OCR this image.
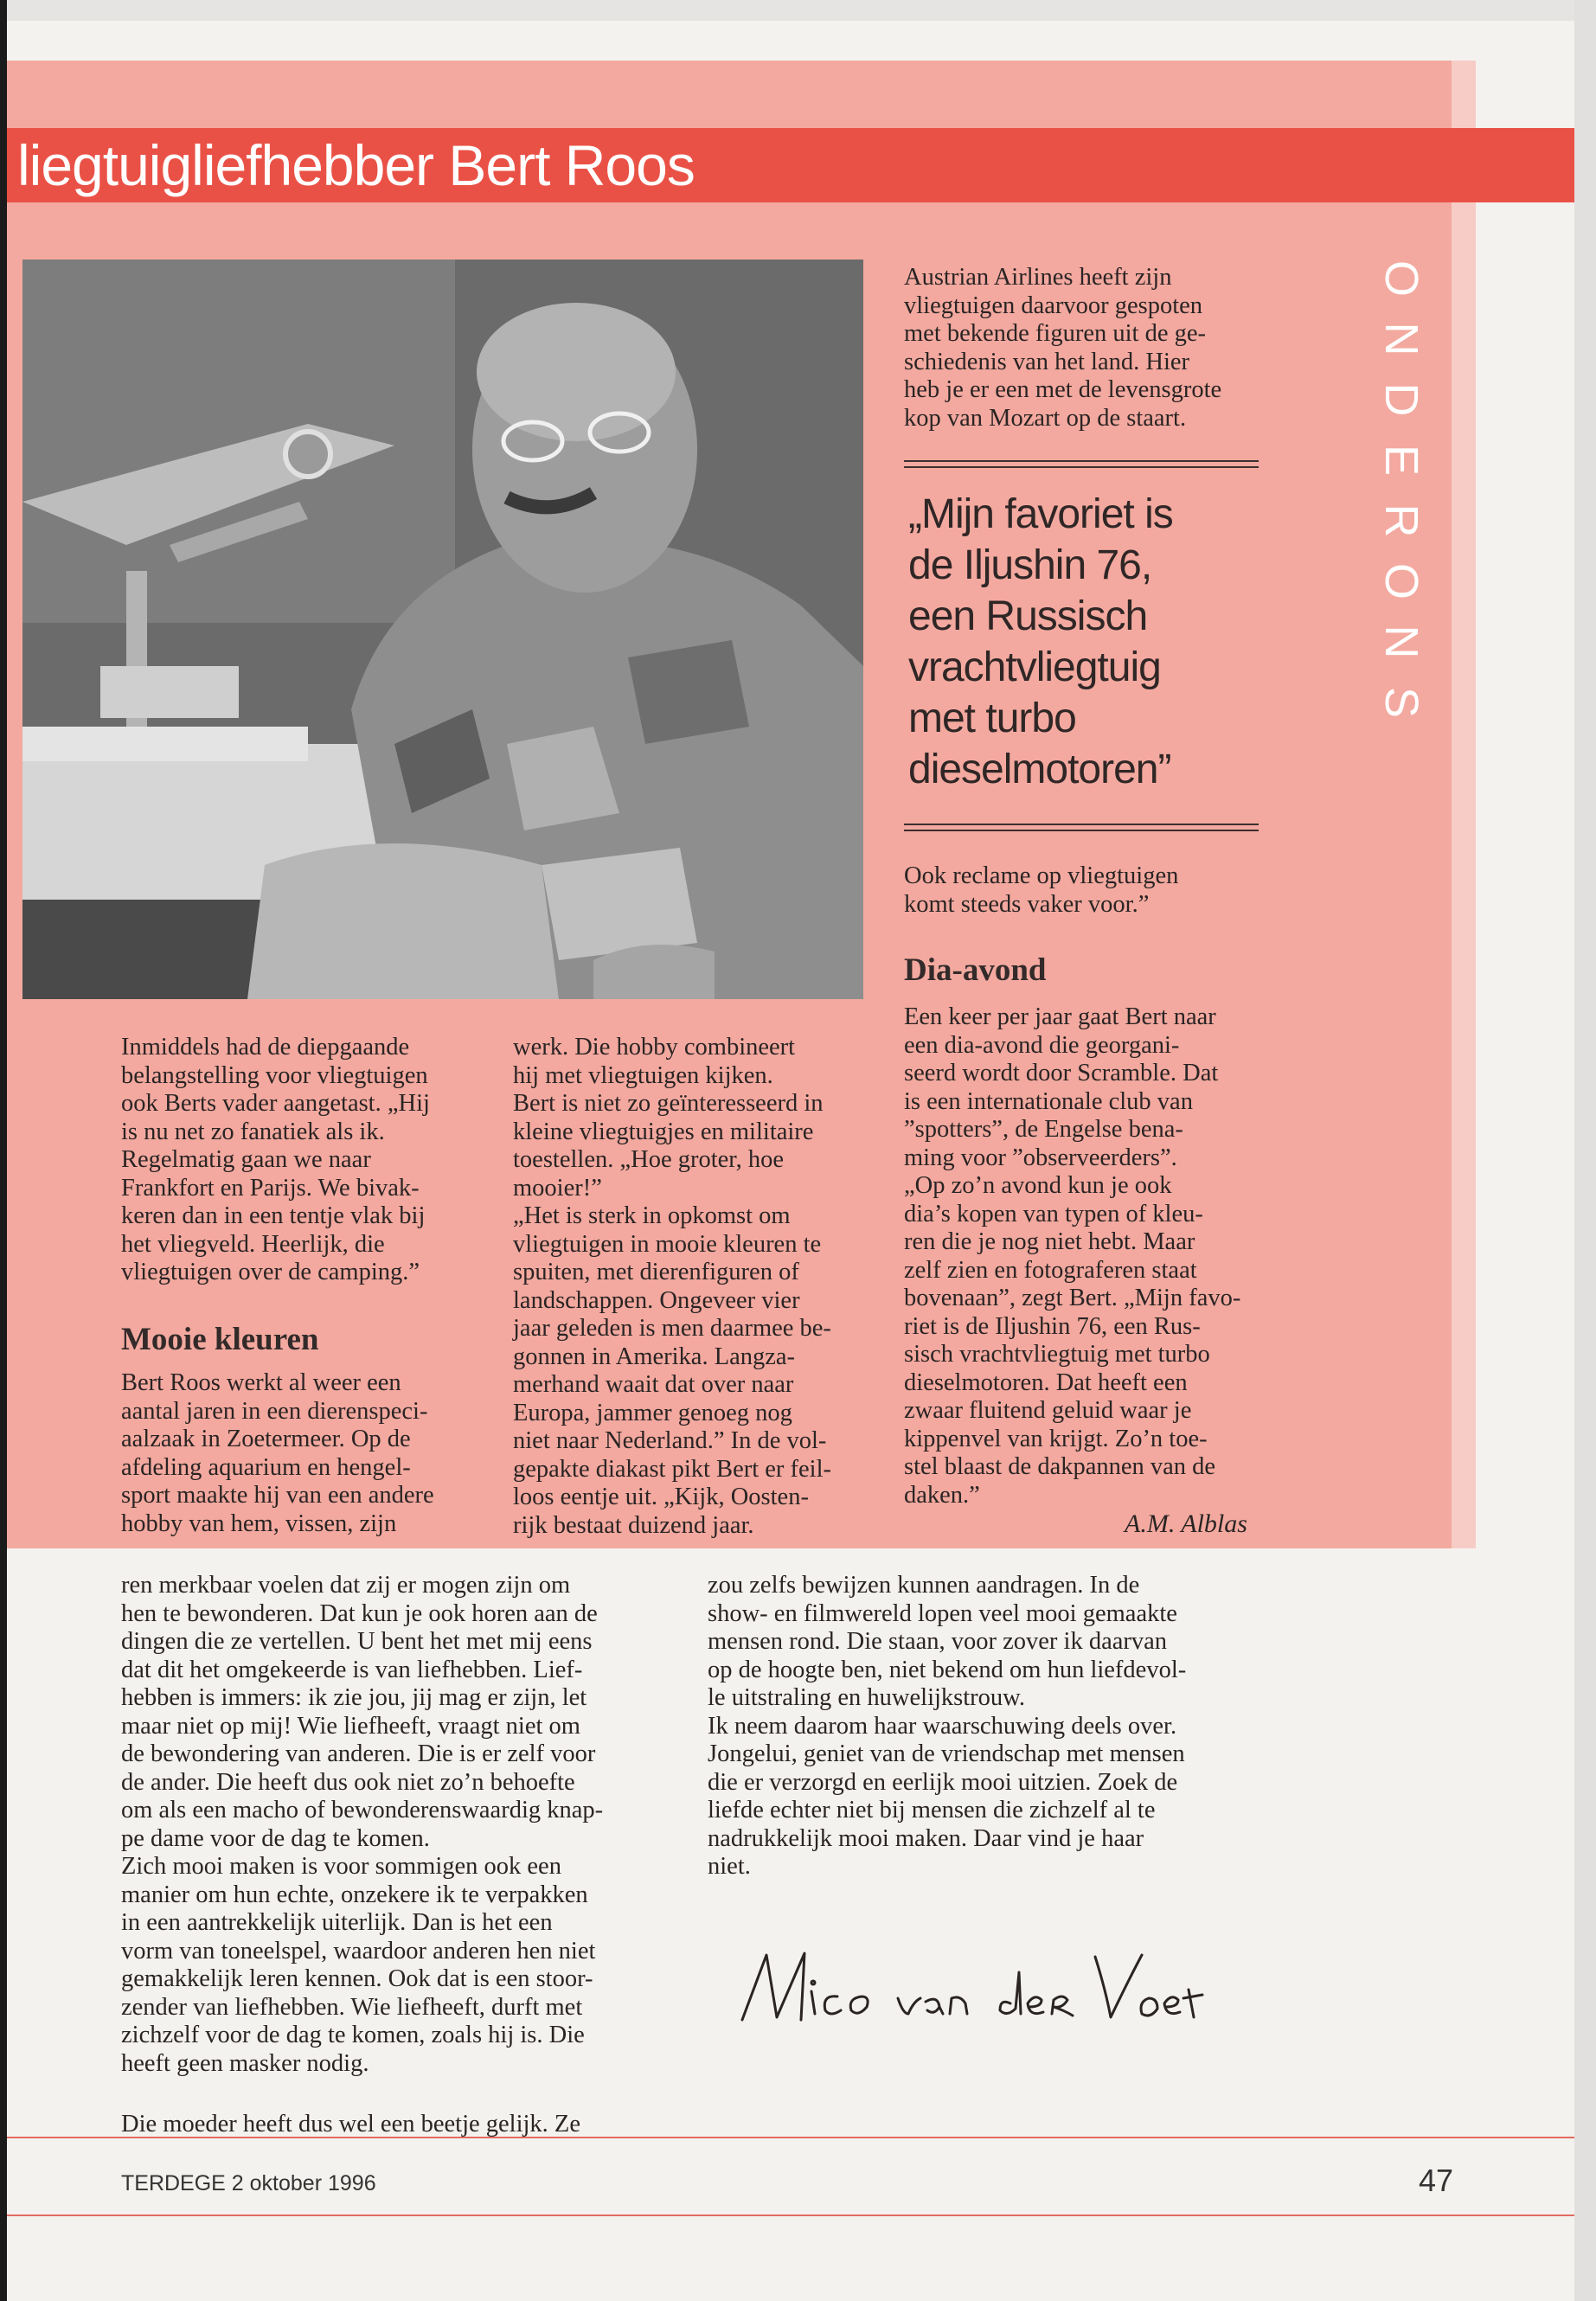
liegtuigliefhebber Bert Roos
O
N
D
E
R
O
N
S

Austrian Airlines heeft zijn

vliegtuigen daarvoor gespoten

met bekende figuren uit de ge-

schiedenis van het land. Hier

heb je er een met de levensgrote

kop van Mozart op de staart.

„Mijn favoriet is
de Iljushin 76,
een Russisch
vrachtvliegtuig
met turbo
dieselmotoren”

Ook reclame op vliegtuigen

komt steeds vaker voor.”

Inmiddels had de diepgaande

belangstelling voor vliegtuigen

ook Berts vader aangetast. „Hij

is nu net zo fanatiek als ik.

Regelmatig gaan we naar

Frankfort en Parijs. We bivak-

keren dan in een tentje vlak bij

het vliegveld. Heerlijk, die

vliegtuigen over de camping.”

Mooie kleuren

Bert Roos werkt al weer een

aantal jaren in een dierenspeci-

aalzaak in Zoetermeer. Op de

afdeling aquarium en hengel-

sport maakte hij van een andere

hobby van hem, vissen, zijn

werk. Die hobby combineert

hij met vliegtuigen kijken.

Bert is niet zo geïnteresseerd in

kleine vliegtuigjes en militaire

toestellen. „Hoe groter, hoe

mooier!”

„Het is sterk in opkomst om

vliegtuigen in mooie kleuren te

spuiten, met dierenfiguren of

landschappen. Ongeveer vier

jaar geleden is men daarmee be-

gonnen in Amerika. Langza-

merhand waait dat over naar

Europa, jammer genoeg nog

niet naar Nederland.” In de vol-

gepakte diakast pikt Bert er feil-

loos eentje uit. „Kijk, Oosten-

rijk bestaat duizend jaar.

Dia-avond

Een keer per jaar gaat Bert naar

een dia-avond die georgani-

seerd wordt door Scramble. Dat

is een internationale club van

”spotters”, de Engelse bena-

ming voor ”observeerders”.

„Op zo’n avond kun je ook

dia’s kopen van typen of kleu-

ren die je nog niet hebt. Maar

zelf zien en fotograferen staat

bovenaan”, zegt Bert. „Mijn favo-

riet is de Iljushin 76, een Rus-

sisch vrachtvliegtuig met turbo

dieselmotoren. Dat heeft een

zwaar fluitend geluid waar je

kippenvel van krijgt. Zo’n toe-

stel blaast de dakpannen van de

daken.”

A.M. Alblas

ren merkbaar voelen dat zij er mogen zijn om

hen te bewonderen. Dat kun je ook horen aan de

dingen die ze vertellen. U bent het met mij eens

dat dit het omgekeerde is van liefhebben. Lief-

hebben is immers: ik zie jou, jij mag er zijn, let

maar niet op mij! Wie liefheeft, vraagt niet om

de bewondering van anderen. Die is er zelf voor

de ander. Die heeft dus ook niet zo’n behoefte

om als een macho of bewonderenswaardig knap-

pe dame voor de dag te komen.

Zich mooi maken is voor sommigen ook een

manier om hun echte, onzekere ik te verpakken

in een aantrekkelijk uiterlijk. Dan is het een

vorm van toneelspel, waardoor anderen hen niet

gemakkelijk leren kennen. Ook dat is een stoor-

zender van liefhebben. Wie liefheeft, durft met

zichzelf voor de dag te komen, zoals hij is. Die

heeft geen masker nodig.

Die moeder heeft dus wel een beetje gelijk. Ze

zou zelfs bewijzen kunnen aandragen. In de

show- en filmwereld lopen veel mooi gemaakte

mensen rond. Die staan, voor zover ik daarvan

op de hoogte ben, niet bekend om hun liefdevol-

le uitstraling en huwelijkstrouw.

Ik neem daarom haar waarschuwing deels over.

Jongelui, geniet van de vriendschap met mensen

die er verzorgd en eerlijk mooi uitzien. Zoek de

liefde echter niet bij mensen die zichzelf al te

nadrukkelijk mooi maken. Daar vind je haar

niet.

TERDEGE 2 oktober 1996	47
